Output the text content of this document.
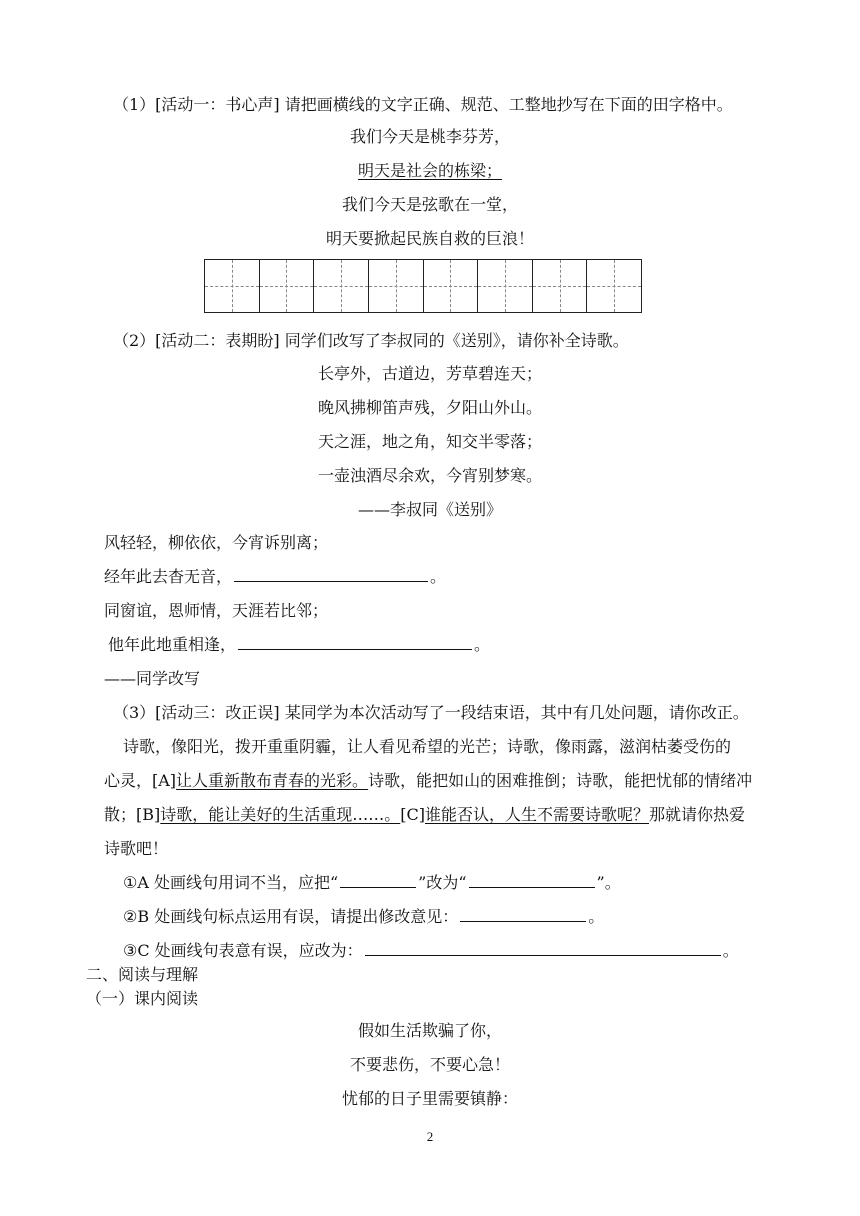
（1）[活动一：书心声] 请把画横线的文字正确、规范、工整地抄写在下面的田字格中。
我们今天是桃李芬芳，
明天是社会的栋梁；
我们今天是弦歌在一堂，
明天要掀起民族自救的巨浪！
（2）[活动二：表期盼] 同学们改写了李叔同的《送别》，请你补全诗歌。
长亭外，古道边，芳草碧连天；
晚风拂柳笛声残，夕阳山外山。
天之涯，地之角，知交半零落；
一壶浊酒尽余欢，今宵别梦寒。
——李叔同《送别》
风轻轻，柳依依，今宵诉别离；
经年此去杳无音，	。
同窗谊，恩师情，天涯若比邻；
他年此地重相逢，	。
——同学改写
（3）[活动三：改正误] 某同学为本次活动写了一段结束语，其中有几处问题，请你改正。
诗歌，像阳光，拨开重重阴霾，让人看见希望的光芒；诗歌，像雨露，滋润枯萎受伤的
心灵，[A]让人重新散布青春的光彩。诗歌，能把如山的困难推倒；诗歌，能把忧郁的情绪冲
散；[B]诗歌，能让美好的生活重现……。[C]谁能否认，人生不需要诗歌呢？那就请你热爱
诗歌吧！
①A 处画线句用词不当，应把“	”改为“	”。
②B 处画线句标点运用有误，请提出修改意见：	。
③C 处画线句表意有误，应改为：	。
二、阅读与理解
（一）课内阅读
假如生活欺骗了你，
不要悲伤，不要心急！
忧郁的日子里需要镇静：
2
